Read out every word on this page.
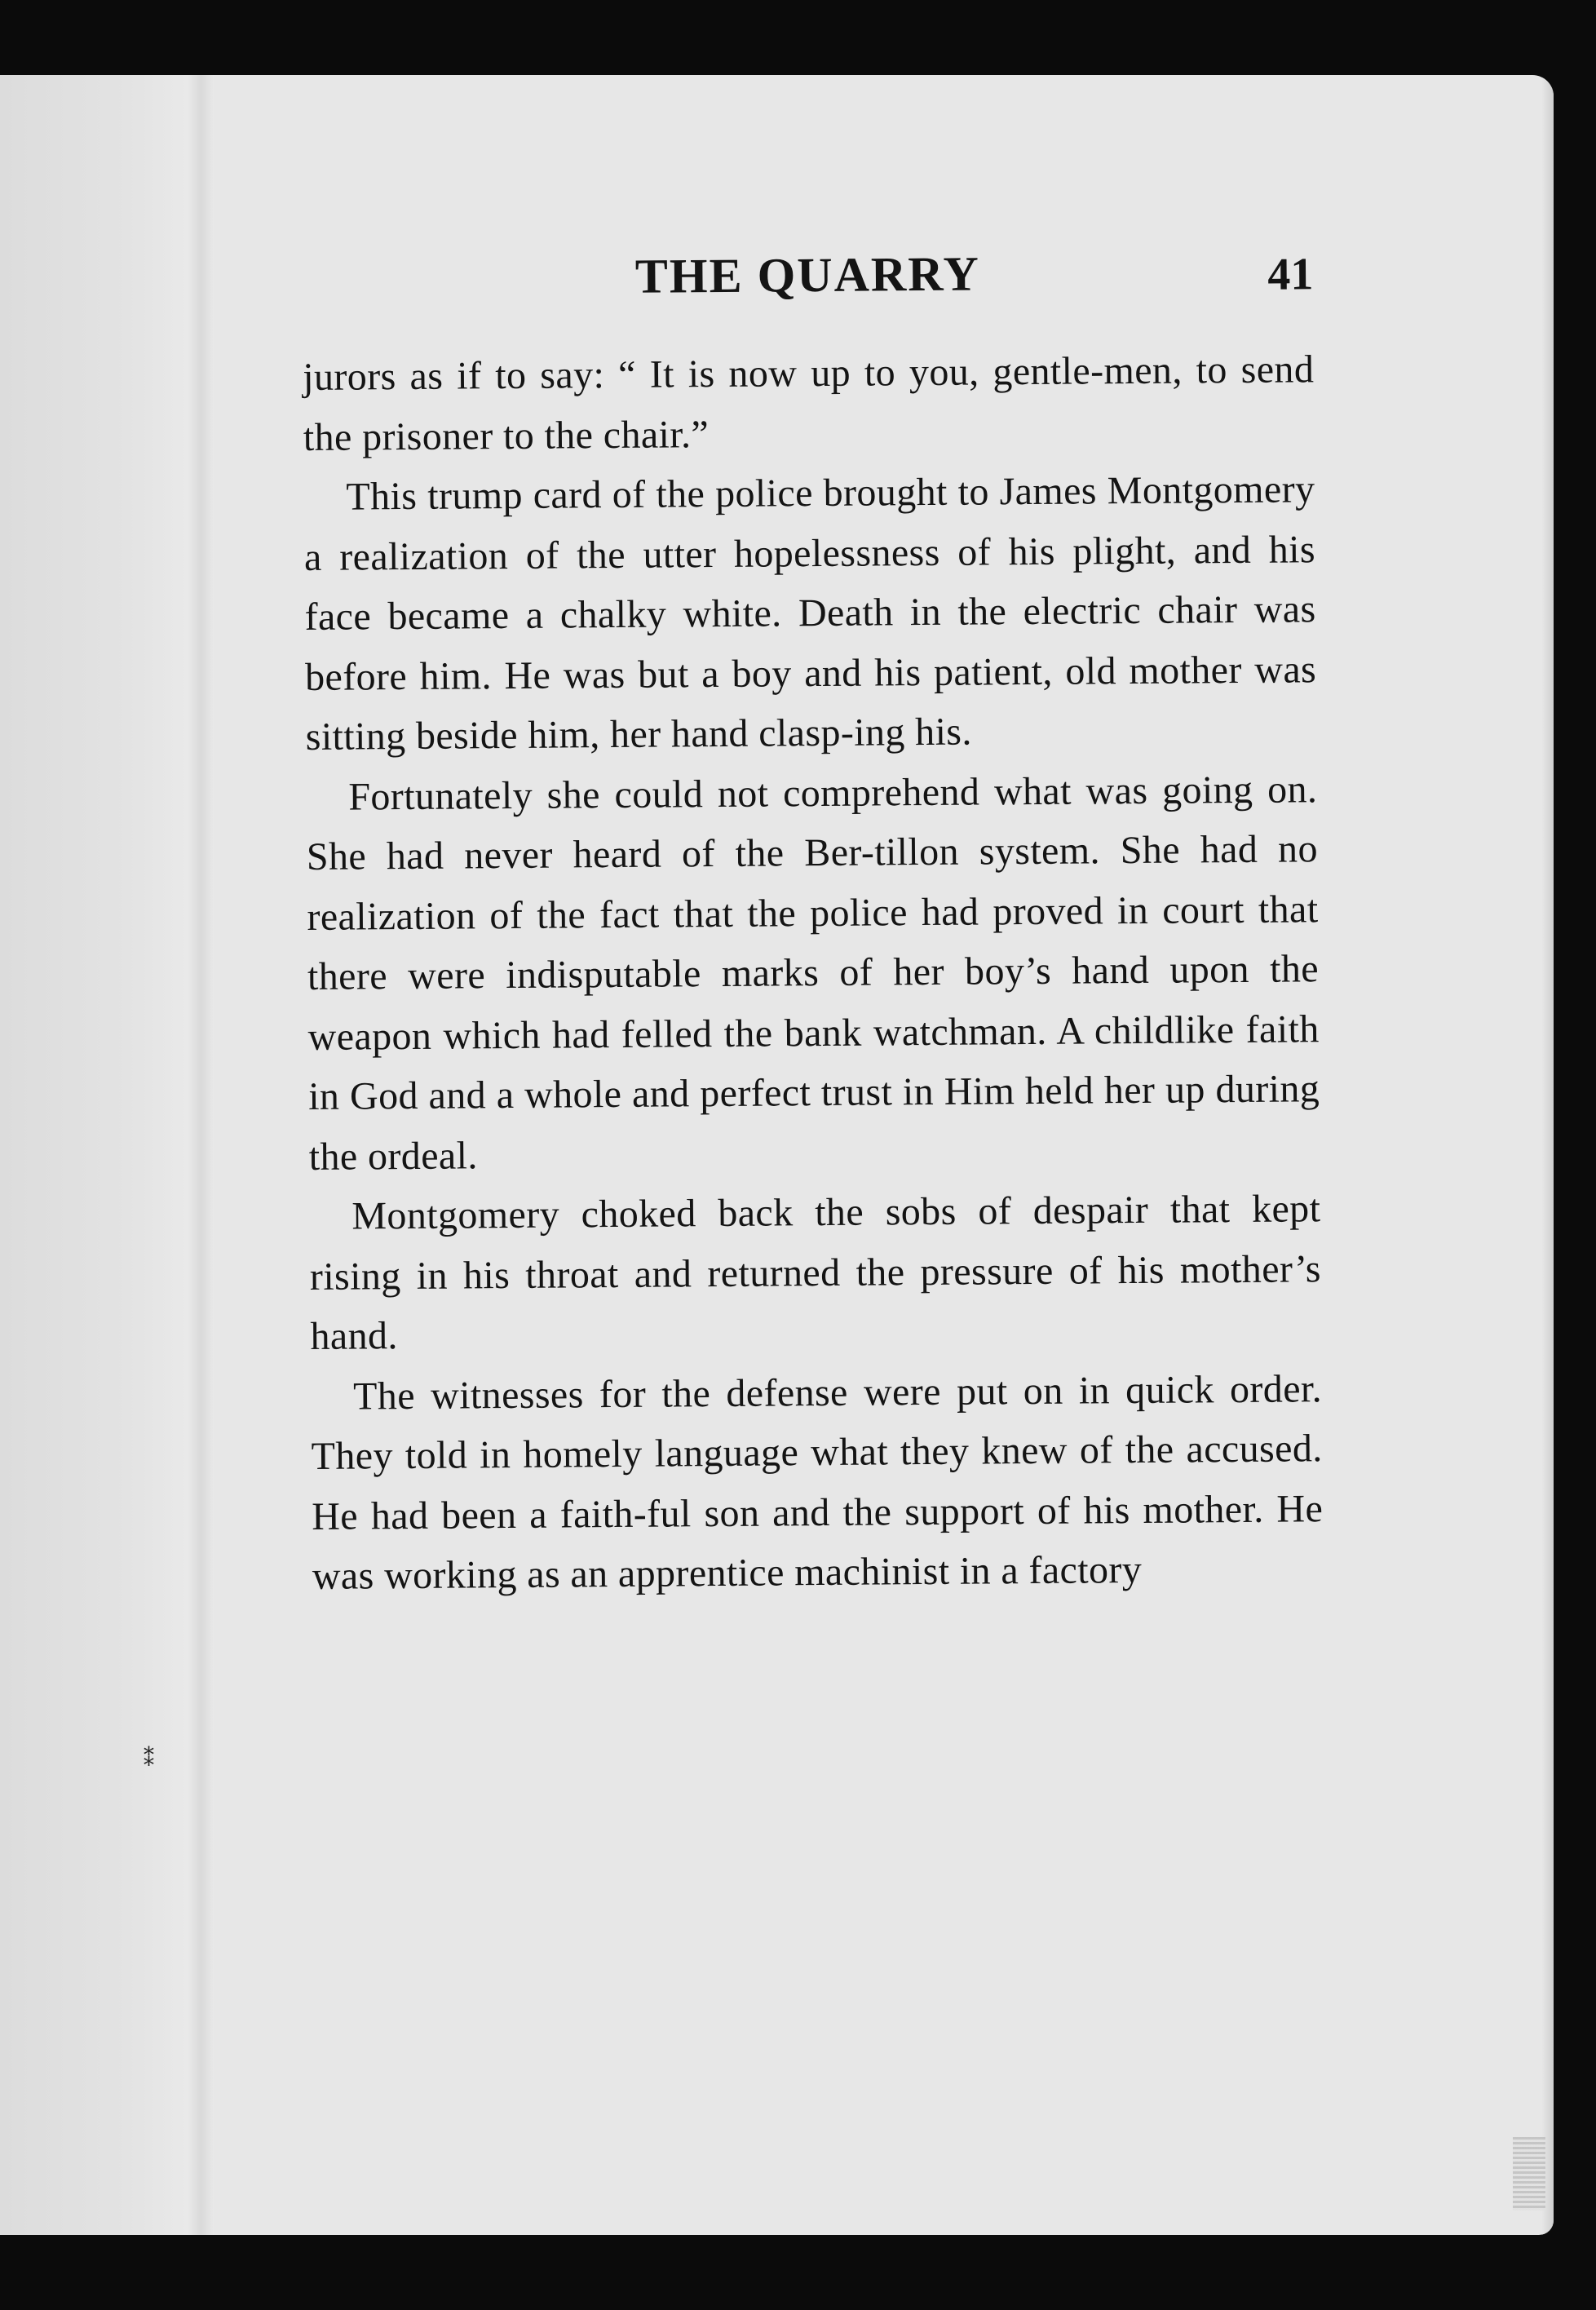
⁑
THE QUARRY	41

jurors as if to say: “ It is now up to you, gentle-men, to send the prisoner to the chair.”

This trump card of the police brought to James Montgomery a realization of the utter hopelessness of his plight, and his face became a chalky white. Death in the electric chair was before him. He was but a boy and his patient, old mother was sitting beside him, her hand clasp-ing his.

Fortunately she could not comprehend what was going on. She had never heard of the Ber-tillon system. She had no realization of the fact that the police had proved in court that there were indisputable marks of her boy’s hand upon the weapon which had felled the bank watchman. A childlike faith in God and a whole and perfect trust in Him held her up during the ordeal.

Montgomery choked back the sobs of despair that kept rising in his throat and returned the pressure of his mother’s hand.

The witnesses for the defense were put on in quick order. They told in homely language what they knew of the accused. He had been a faith-ful son and the support of his mother. He was working as an apprentice machinist in a factory
